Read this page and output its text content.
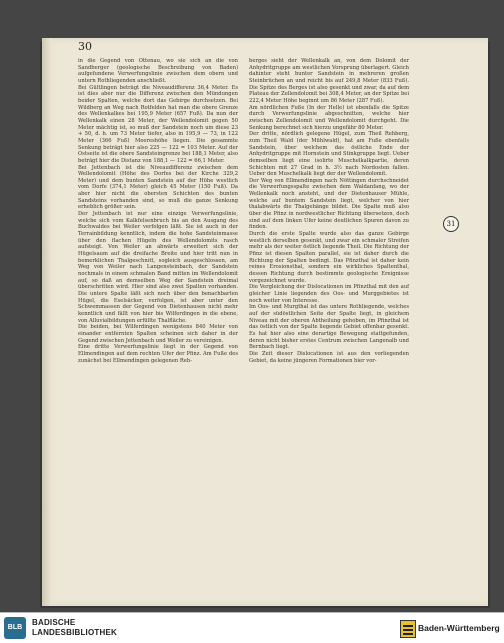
30

in die Gegend von Ottenau, wo sie sich an die von Sandberger (geologische Beschreibung von Baden) aufgefundene Verwerfungslinie zwischen dem obern und untern Rothliegenden anschließt.

Bei Gültlingen beträgt die Niveaudifferenz 36,4 Meter. Es ist dies aber nur die Differenz zwischen den Mündungen beider Spalten, welche dort das Gebirge durchsetzen. Bei Wildberg an Weg nach Rotfelden hat man die obere Grenze des Wellenkalkes bei 195,9 Meter (657 Fuß). Da nun der Wellenkalk einen 28 Meter, der Wellendolomit gegen 50 Meter mächtig ist, so muß der Sandstein noch um diese 23 + 50, d. h. um 73 Meter tiefer, also in 195,9 — 73, in 122 Meter (366 Fuß) Meereshöhe liegen. Die gesammte Senkung beträgt hier also 225 — 122 = 103 Meter. Auf der Ostseite ist die obere Sandsteingrenze bei 188,1 Meter, also beträgt hier die Distanz von 188,1 — 122 = 66,1 Meter.

Bei Jettenbach ist die Niveaudifferenz zwischen dem Wellendolomit (Höhe des Dorfes bei der Kirche 329,2 Meter) und dem bunten Sandstein auf der Höhe westlich vom Dorfe (374,1 Meter) gleich 45 Meter (150 Fuß). Da aber hier nicht die obersten Schichten des bunten Sandsteins vorhanden sind, so muß die ganze Senkung erheblich größer sein.

Der Jettenbach ist nur eine einzige Verwerfungslinie, welche sich vom Kalkfelsenbruch bis an den Ausgang des Buchwaldes bei Weiler verfolgen läßt. Sie ist auch in der Terrainbildung kenntlich, indem die hohe Sandsteinmasse über den flachen Hügeln des Wellendolomits rasch aufsteigt. Von Weiler an abwärts erweitert sich der Hügelsaum auf die dreifache Breite und hier tritt nun in bemerklichen Thalgeschnitt, sogleich ausgeschlossen, am Weg von Weiler nach Langensteinbach, der Sandstein nochmals in einem schmalen Band mitten im Wellendolomit auf, so daß an demselben Weg der Sandstein dreimal überschritten wird. Hier sind also zwei Spalten vorhanden. Die untere Spalte läßt sich noch über den benachbarten Hügel, die Eselsäcker, verfolgen, ist aber unter den Schwemmassen der Gegend von Dietenhausen nicht mehr kenntlich und fällt von hier bis Wilferdingen in die ebene, von Alluvialbildungen erfüllte Thalfläche.

Die beiden, bei Wilferdingen wenigstens 840 Meter von einander entfernten Spalten scheinen sich daher in der Gegend zwischen Jettenbach und Weiler zu vereinigen.

Eine dritte Verwerfungslinie liegt in der Gegend von Ellmendingen auf dem rechten Ufer der Pfinz. Am Fuße des zunächst bei Ellmendingen gelegenen Reh-

berges sieht der Wellenkalk an, von dem Dolomit der Anhydritgruppe am westlichen Vorsprung überlagert. Gleich dahinter steht bunter Sandstein in mehreren großen Steinbrüchen an und reicht bis auf 249,8 Meter (833 Fuß). Die Spitze des Berges ist also gesenkt und zwar, da auf dem Plateau der Zellendolomit bei 308,4 Meter, an der Spitze bei 222,4 Meter Höhe beginnt um 86 Meter (287 Fuß).

Am nördlichen Fuße (In der Helle) ist ebenfalls die Spitze durch Verwerfungslinie abgeschnitten, welche hier zwischen Zellendolomit und Wellendolomit durchgeht. Die Senkung berechnet sich hierzu ungefähr 80 Meter.

Der dritte, nördlich gelegene Hügel, zum Theil Rehberg, zum Theil Wald (der Mühlwald), hat am Fuße ebenfalls Sandstein, über welchem das östliche Ende der Anhydritgruppe mit Hornstein und Stinkgruppe liegt. Ueber demselben liegt eine isolirte Muschelkalkpartie, deren Schichten mit 27 Grad in h. 3½ nach Nordosten fallen. Ueber den Muschelkalk liegt der der Wellendolomit.

Der Weg von Ellmendingen nach Nöttingen durchschneidet die Verwerfungsspalte zwischen dem Waldanfang, wo der Wellenkalk noch ansteht, und der Dietenhauser Mühle, welche auf buntem Sandstein liegt, welcher von hier thalabwärts die Thalgehänge bildet. Die Spalte muß also über die Pfinz in nordwestlicher Richtung übersetzen, doch sind auf dem linken Ufer keine deutlichen Spuren davon zu finden.

Durch die erste Spalte wurde also das ganze Gebirge westlich derselben gesenkt, und zwar ein schmaler Streifen mehr als der weiter östlich liegende Theil. Die Richtung der Pfinz ist diesen Spalten parallel, sie ist daher durch die Richtung der Spalten bedingt. Das Pfinzthal ist daher kein reines Erosionsthal, sondern ein wirkliches Spaltenthal, dessen Richtung durch bestimmte geologische Ereignisse vorgezeichnet wurde.

Die Vergleichung der Dislocationen im Pfinzthal mit den auf gleicher Linie liegenden des Oos- und Murggebietes ist noch weiter von Interesse.

Im Oos- und Murgthal ist das untere Rothliegende, welches auf der südöstlichen Seite der Spalte liegt, in gleichem Niveau mit der oberen Abtheilung gehoben, im Pfinzthal ist das östlich von der Spalte liegende Gebiet offenbar gesenkt. Es hat hier also eine derartige Bewegung stattgefunden, deren nicht bisher erstes Centrum zwischen Langenalb und Bernbach liegt.

Die Zeit dieser Dislocationen ist aus den vorliegenden Gebiet, da keine jüngeren Formationen hier vor-

31
BLB
BADISCHE
LANDESBIBLIOTHEK	Baden-Württemberg
